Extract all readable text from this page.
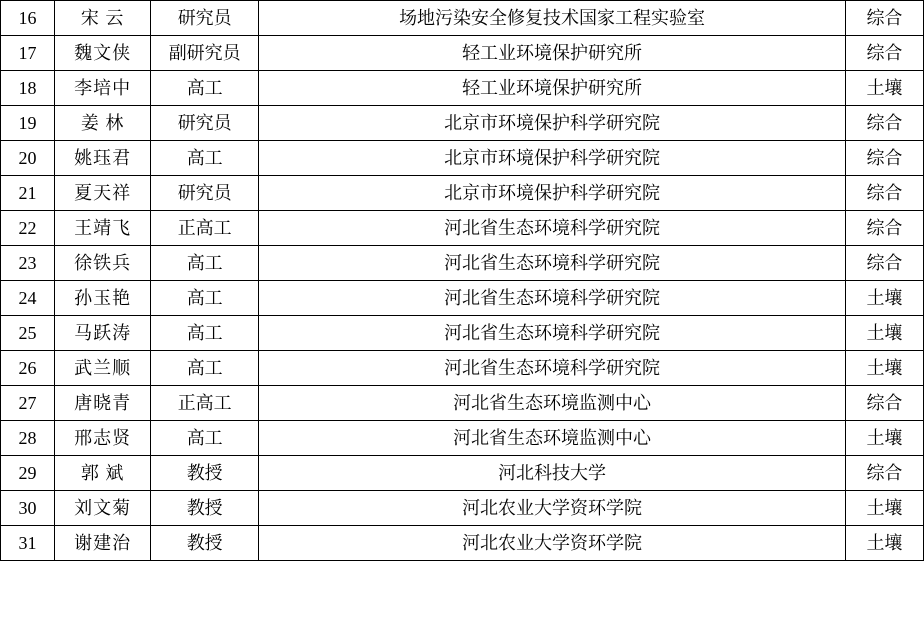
16	宋 云	研究员	场地污染安全修复技术国家工程实验室	综合
17	魏文侠	副研究员	轻工业环境保护研究所	综合
18	李培中	高工	轻工业环境保护研究所	土壤
19	姜 林	研究员	北京市环境保护科学研究院	综合
20	姚珏君	高工	北京市环境保护科学研究院	综合
21	夏天祥	研究员	北京市环境保护科学研究院	综合
22	王靖飞	正高工	河北省生态环境科学研究院	综合
23	徐铁兵	高工	河北省生态环境科学研究院	综合
24	孙玉艳	高工	河北省生态环境科学研究院	土壤
25	马跃涛	高工	河北省生态环境科学研究院	土壤
26	武兰顺	高工	河北省生态环境科学研究院	土壤
27	唐晓青	正高工	河北省生态环境监测中心	综合
28	邢志贤	高工	河北省生态环境监测中心	土壤
29	郭 斌	教授	河北科技大学	综合
30	刘文菊	教授	河北农业大学资环学院	土壤
31	谢建治	教授	河北农业大学资环学院	土壤
